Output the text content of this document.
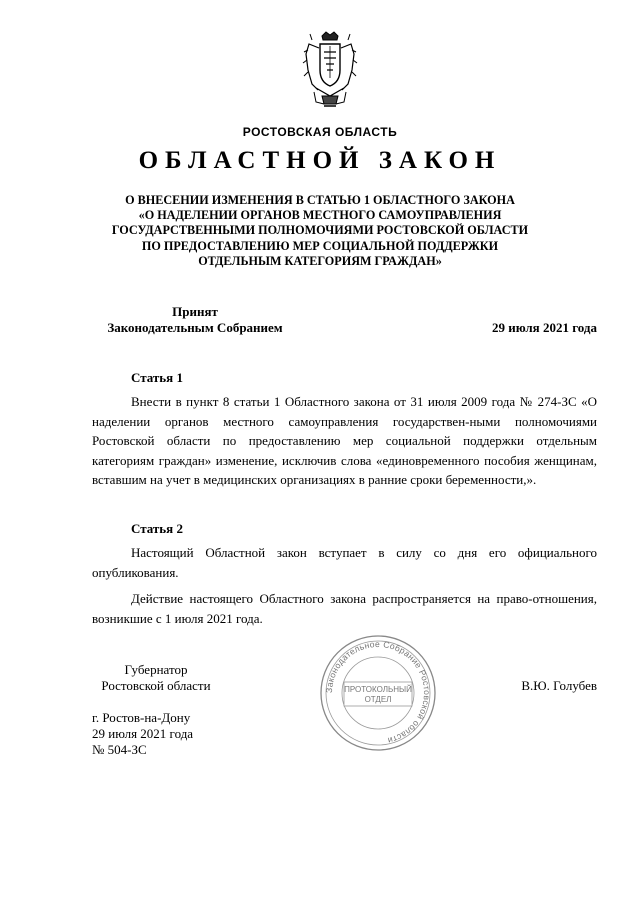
РОСТОВСКАЯ ОБЛАСТЬ
ОБЛАСТНОЙ ЗАКОН
О ВНЕСЕНИИ ИЗМЕНЕНИЯ В СТАТЬЮ 1 ОБЛАСТНОГО ЗАКОНА
«О НАДЕЛЕНИИ ОРГАНОВ МЕСТНОГО САМОУПРАВЛЕНИЯ
ГОСУДАРСТВЕННЫМИ ПОЛНОМОЧИЯМИ РОСТОВСКОЙ ОБЛАСТИ
ПО ПРЕДОСТАВЛЕНИЮ МЕР СОЦИАЛЬНОЙ ПОДДЕРЖКИ
ОТДЕЛЬНЫМ КАТЕГОРИЯМ ГРАЖДАН»
Принят
Законодательным Собранием	29 июля 2021 года
Статья 1

Внести в пункт 8 статьи 1 Областного закона от 31 июля 2009 года № 274-ЗС «О наделении органов местного самоуправления государствен-ными полномочиями Ростовской области по предоставлению мер социальной поддержки отдельным категориям граждан» изменение, исключив слова «единовременного пособия женщинам, вставшим на учет в медицинских организациях в ранние сроки беременности,».

Статья 2

Настоящий Областной закон вступает в силу со дня его официального опубликования.

Действие настоящего Областного закона распространяется на право-отношения, возникшие с 1 июля 2021 года.

Губернатор
Ростовской области	Законодательное Собрание Ростовской области
ПРОТОКОЛЬНЫЙ
ОТДЕЛ
В.Ю. Голубев
г. Ростов-на-Дону
29 июля 2021 года
№ 504-ЗС
